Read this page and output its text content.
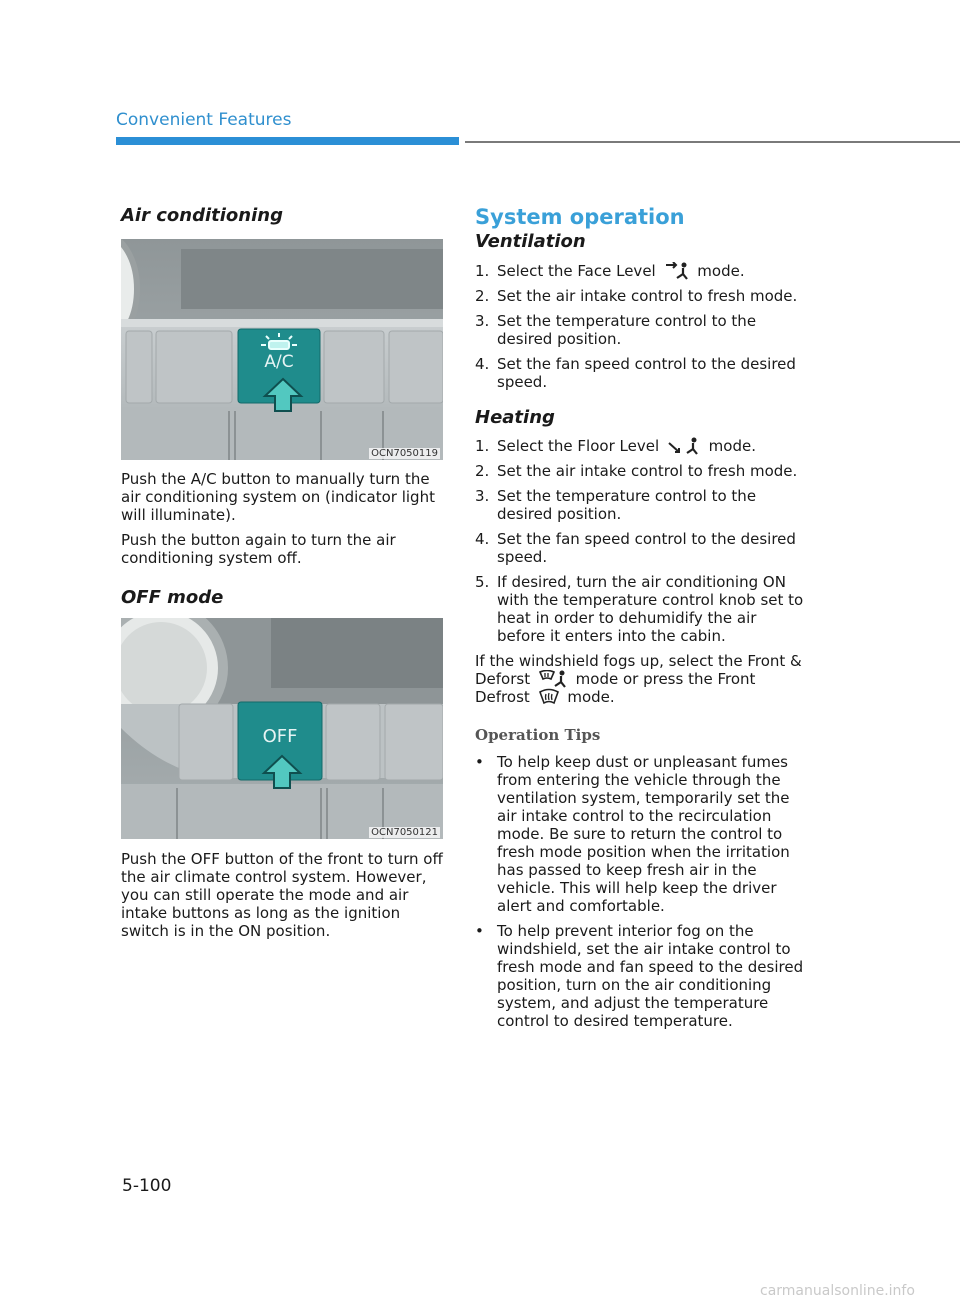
Convenient Features
Air conditioning
A/C
OCN7050119

Push the A/C button to manually turn the air conditioning system on (indicator light will illuminate).

Push the button again to turn the air conditioning system off.

OFF mode
OFF
OCN7050121

Push the OFF button of the front to turn off the air climate control system. However, you can still operate the mode and air intake buttons as long as the ignition switch is in the ON position.

System operation
Ventilation
1. Select the Face Level	mode.
2. Set the air intake control to fresh mode.
3. Set the temperature control to the desired position.
4. Set the fan speed control to the desired speed.
Heating
1. Select the Floor Level	mode.
2. Set the air intake control to fresh mode.
3. Set the temperature control to the desired position.
4. Set the fan speed control to the desired speed.
5. If desired, turn the air conditioning ON with the temperature control knob set to heat in order to dehumidify the air before it enters into the cabin.

If the windshield fogs up, select the Front & Deforst	mode or press the Front Defrost	mode.

Operation Tips
• To help keep dust or unpleasant fumes from entering the vehicle through the ventilation system, temporarily set the air intake control to the recirculation mode. Be sure to return the control to fresh mode position when the irritation has passed to keep fresh air in the vehicle. This will help keep the driver alert and comfortable.
• To help prevent interior fog on the windshield, set the air intake control to fresh mode and fan speed to the desired position, turn on the air conditioning system, and adjust the temperature control to desired temperature.
5-100
carmanualsonline.info
